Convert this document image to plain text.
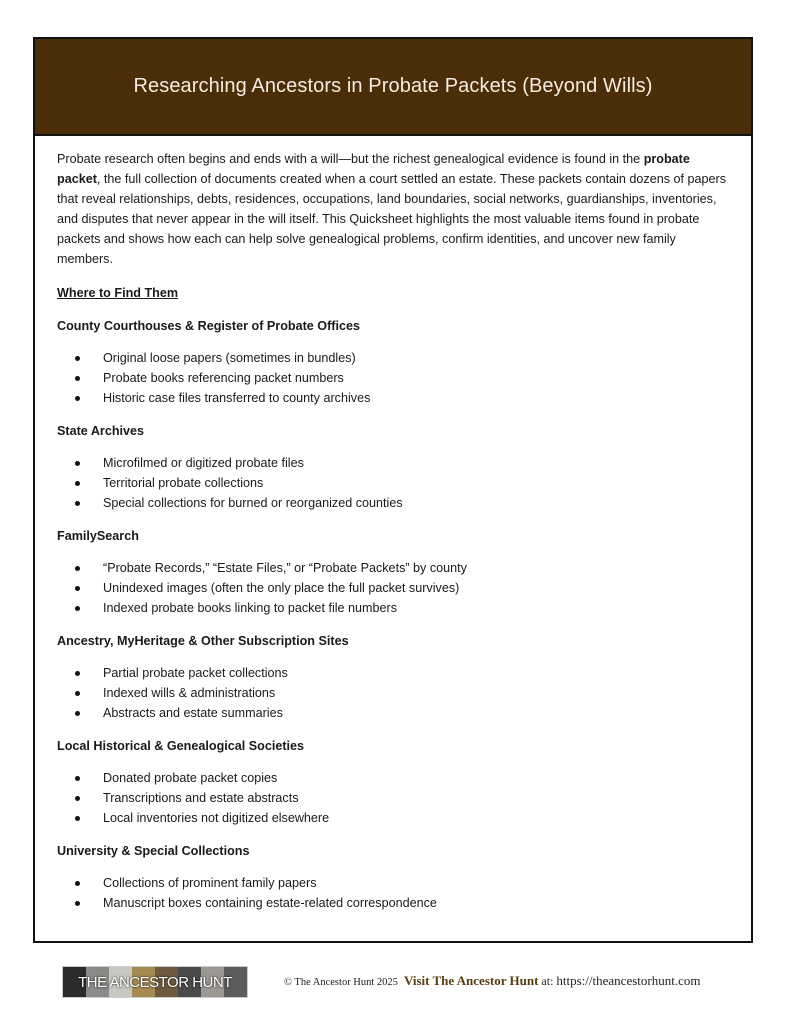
Researching Ancestors in Probate Packets (Beyond Wills)

Probate research often begins and ends with a will—but the richest genealogical evidence is found in the probate packet, the full collection of documents created when a court settled an estate. These packets contain dozens of papers that reveal relationships, debts, residences, occupations, land boundaries, social networks, guardianships, inventories, and disputes that never appear in the will itself. This Quicksheet highlights the most valuable items found in probate packets and shows how each can help solve genealogical problems, confirm identities, and uncover new family members.

Where to Find Them
County Courthouses & Register of Probate Offices
Original loose papers (sometimes in bundles)
Probate books referencing packet numbers
Historic case files transferred to county archives
State Archives
Microfilmed or digitized probate files
Territorial probate collections
Special collections for burned or reorganized counties
FamilySearch
“Probate Records,” “Estate Files,” or “Probate Packets” by county
Unindexed images (often the only place the full packet survives)
Indexed probate books linking to packet file numbers
Ancestry, MyHeritage & Other Subscription Sites
Partial probate packet collections
Indexed wills & administrations
Abstracts and estate summaries
Local Historical & Genealogical Societies
Donated probate packet copies
Transcriptions and estate abstracts
Local inventories not digitized elsewhere
University & Special Collections
Collections of prominent family papers
Manuscript boxes containing estate-related correspondence
THE ANCESTOR HUNT	© The Ancestor Hunt 2025 Visit The Ancestor Hunt at: https://theancestorhunt.com
